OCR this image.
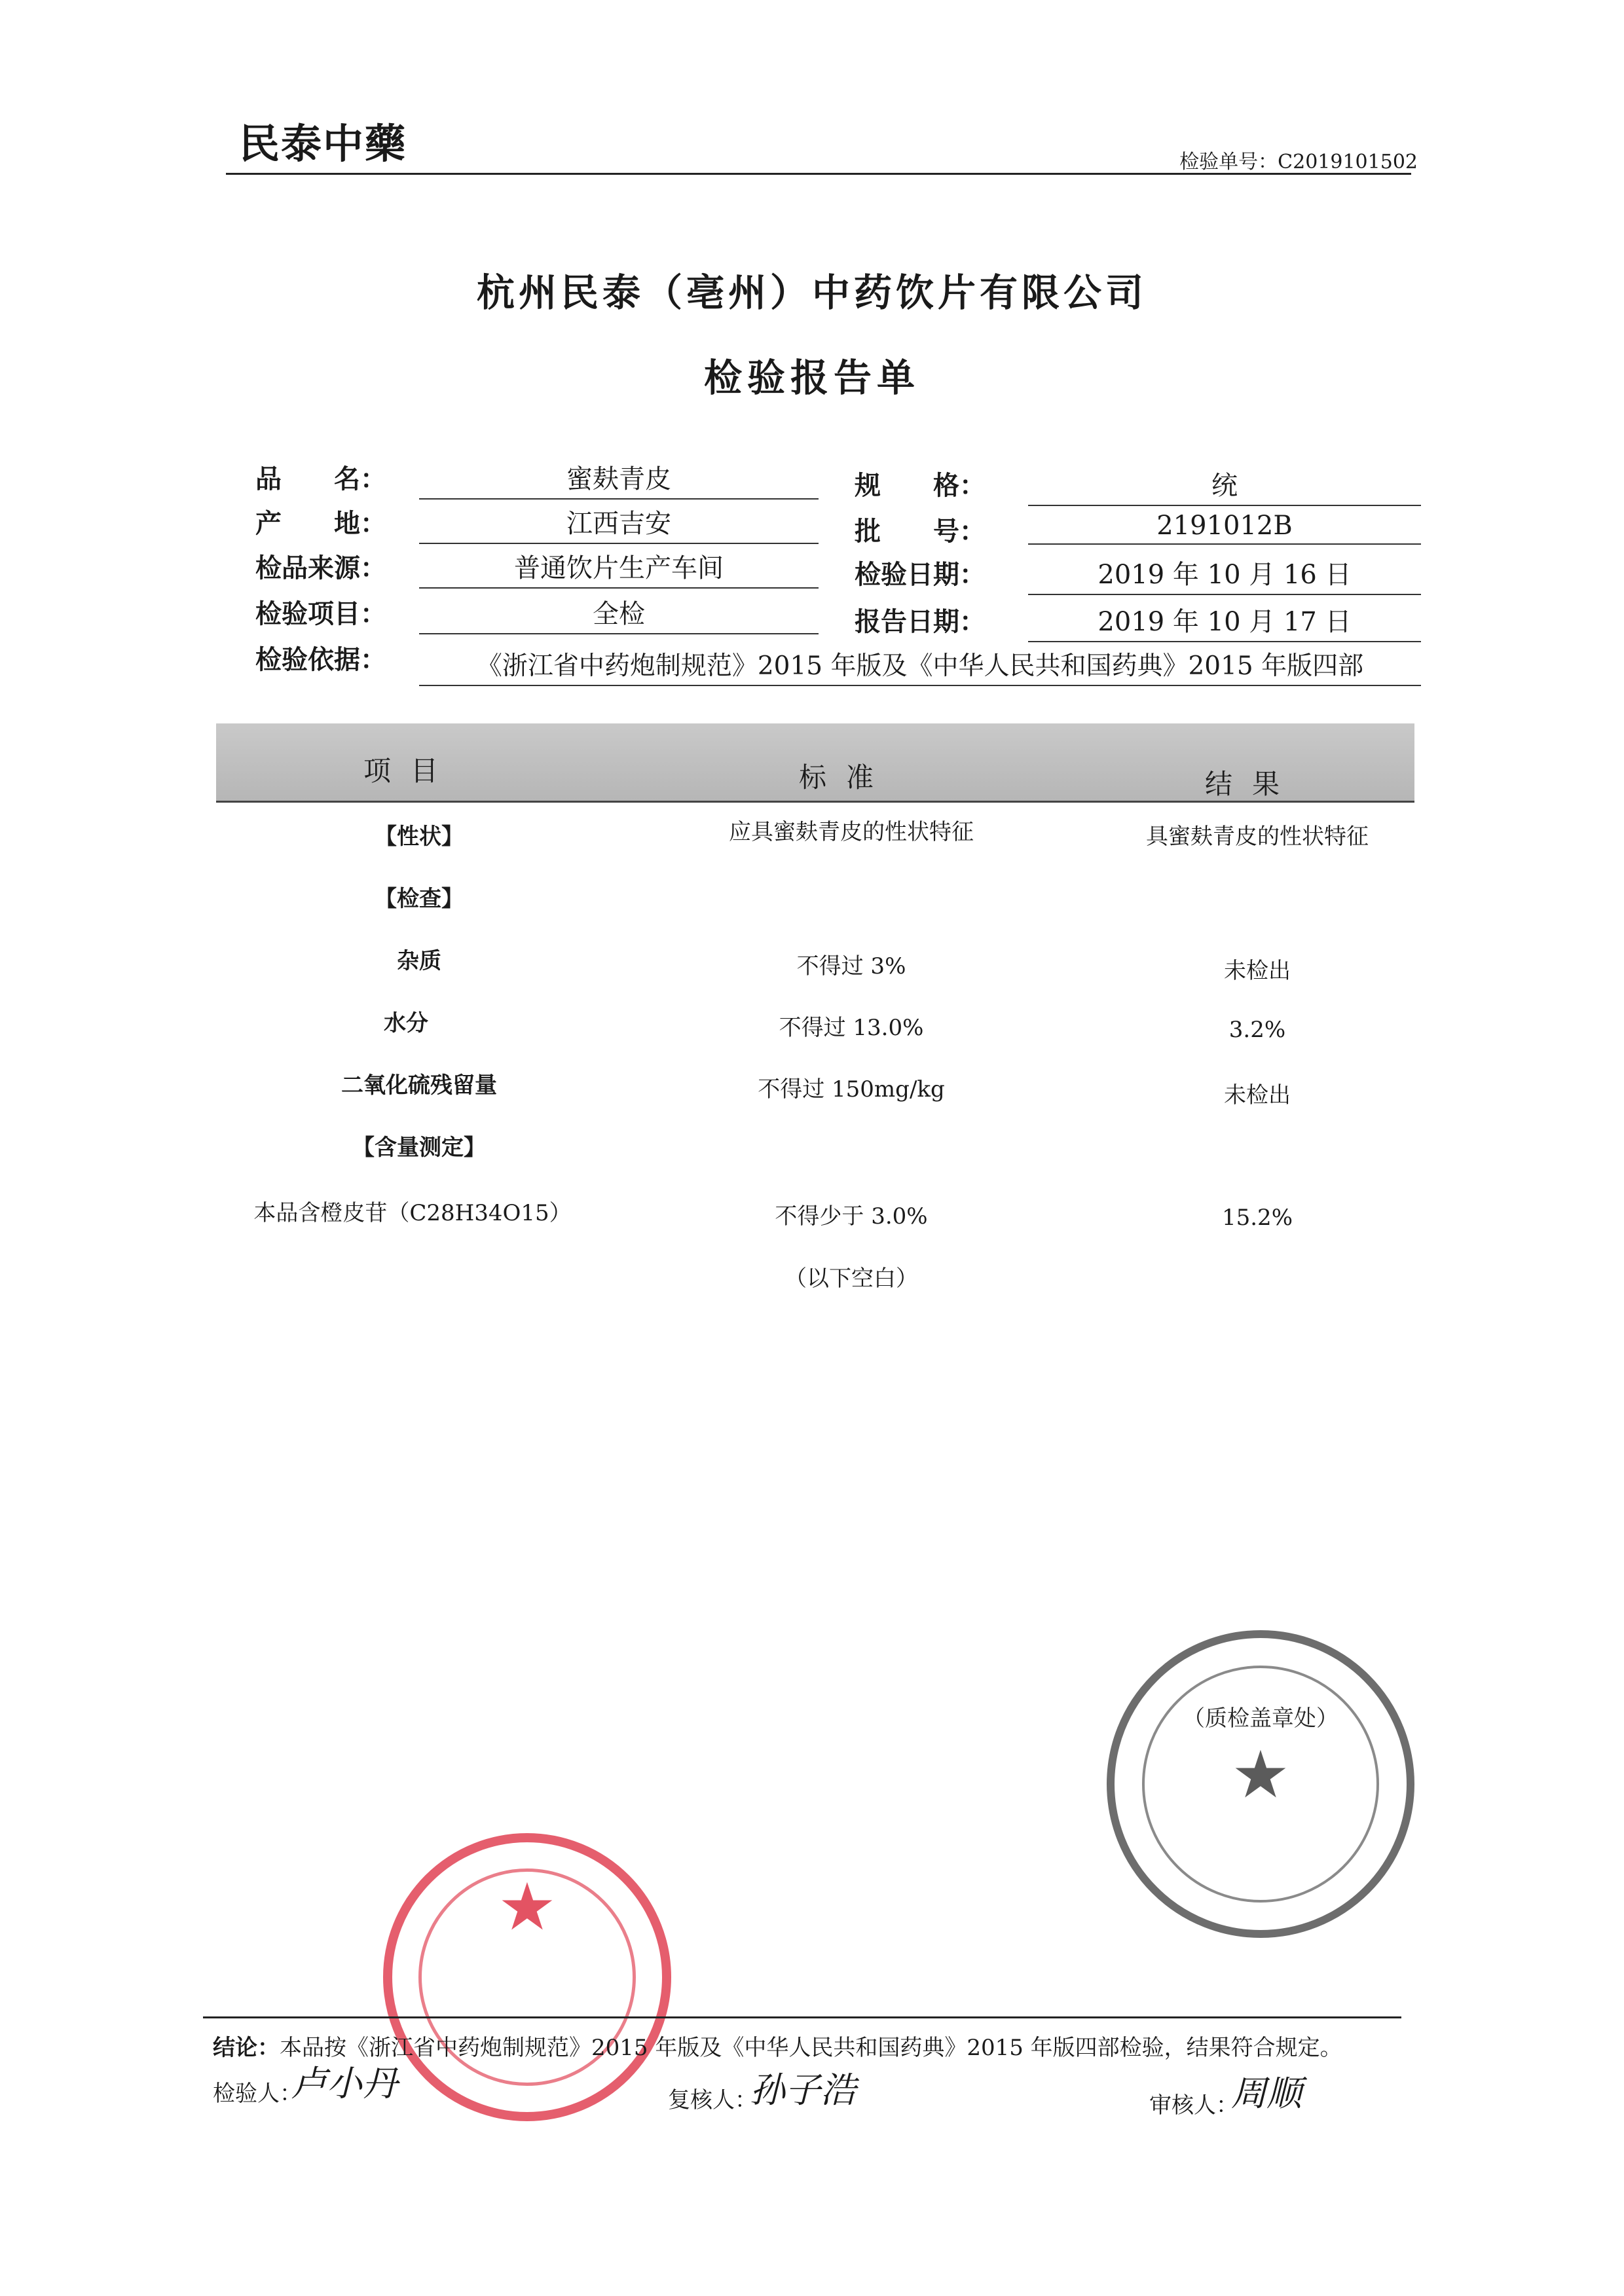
民泰中藥	检验单号：C2019101502
杭州民泰（亳州）中药饮片有限公司
检验报告单
品　　名：	蜜麸青皮	规　　格：	统
产　　地：	江西吉安	批　　号：	2191012B
检品来源：	普通饮片生产车间	检验日期：	2019 年 10 月 16 日
检验项目：	全检	报告日期：	2019 年 10 月 17 日
检验依据：	《浙江省中药炮制规范》2015 年版及《中华人民共和国药典》2015 年版四部
项目	标准	结果
【性状】	应具蜜麸青皮的性状特征	具蜜麸青皮的性状特征
【检查】
杂质	不得过 3%	未检出
水分	不得过 13.0%	3.2%
二氧化硫残留量	不得过 150mg/kg	未检出
【含量测定】
本品含橙皮苷（C28H34O15）	不得少于 3.0%	15.2%
（以下空白）
（质检盖章处）
★
★
结论：本品按《浙江省中药炮制规范》2015 年版及《中华人民共和国药典》2015 年版四部检验，结果符合规定。
检验人：
卢小丹	复核人：
孙子浩	审核人：
周顺
